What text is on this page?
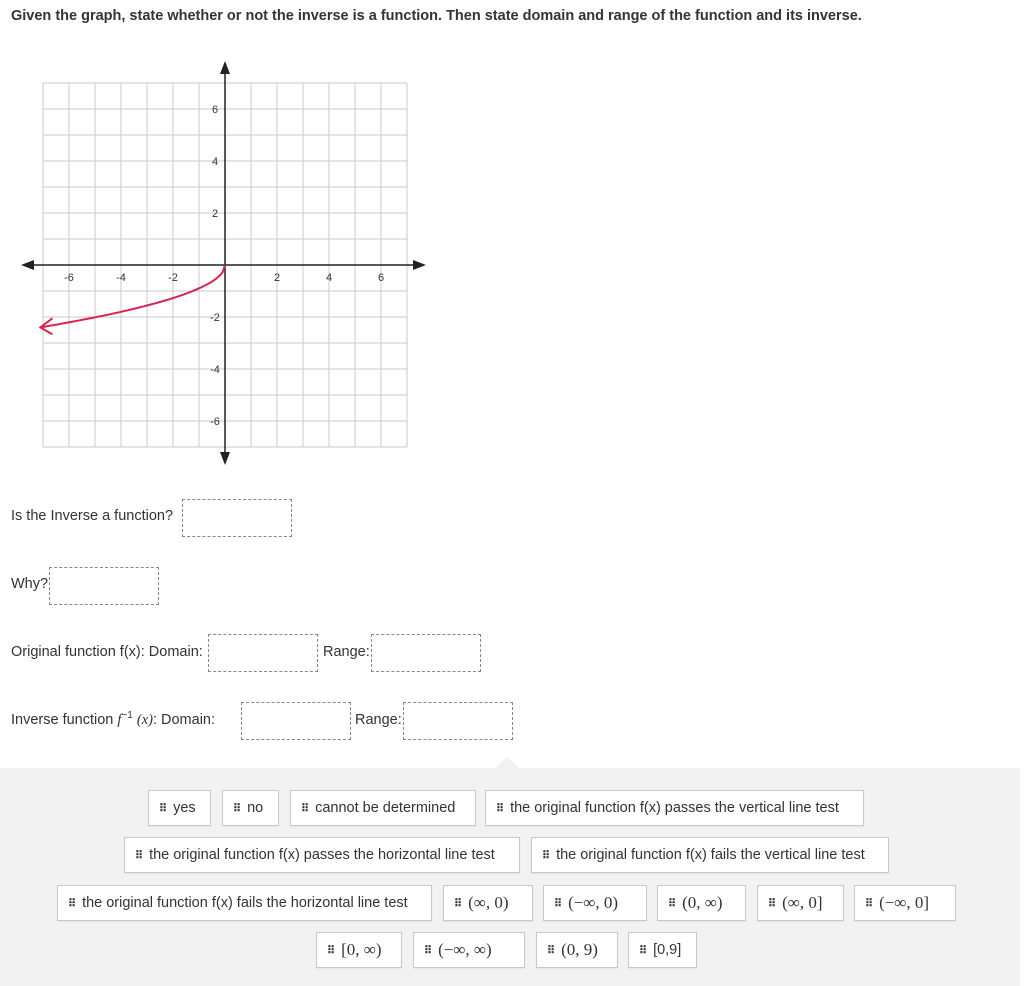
Given the graph, state whether or not the inverse is a function. Then state domain and range of the function and its inverse.
-6	-4	-2	2	4	6
6
4
2
-2
-4
-6
Is the Inverse a function?
Why?
Original function f(x): Domain:	Range:
Inverse function $f^{-1}$ (x): Domain:	Range:
⠿ yes	⠿ no	⠿ cannot be determined	⠿ the original function f(x) passes the vertical line test
⠿ the original function f(x) passes the horizontal line test	⠿ the original function f(x) fails the vertical line test
⠿ the original function f(x) fails the horizontal line test	⠿ (∞, 0)	⠿ (−∞, 0)	⠿ (0, ∞)	⠿ (∞, 0]	⠿ (−∞, 0]
⠿ [0, ∞)	⠿ (−∞, ∞)	⠿ (0, 9)	⠿ [0,9]
